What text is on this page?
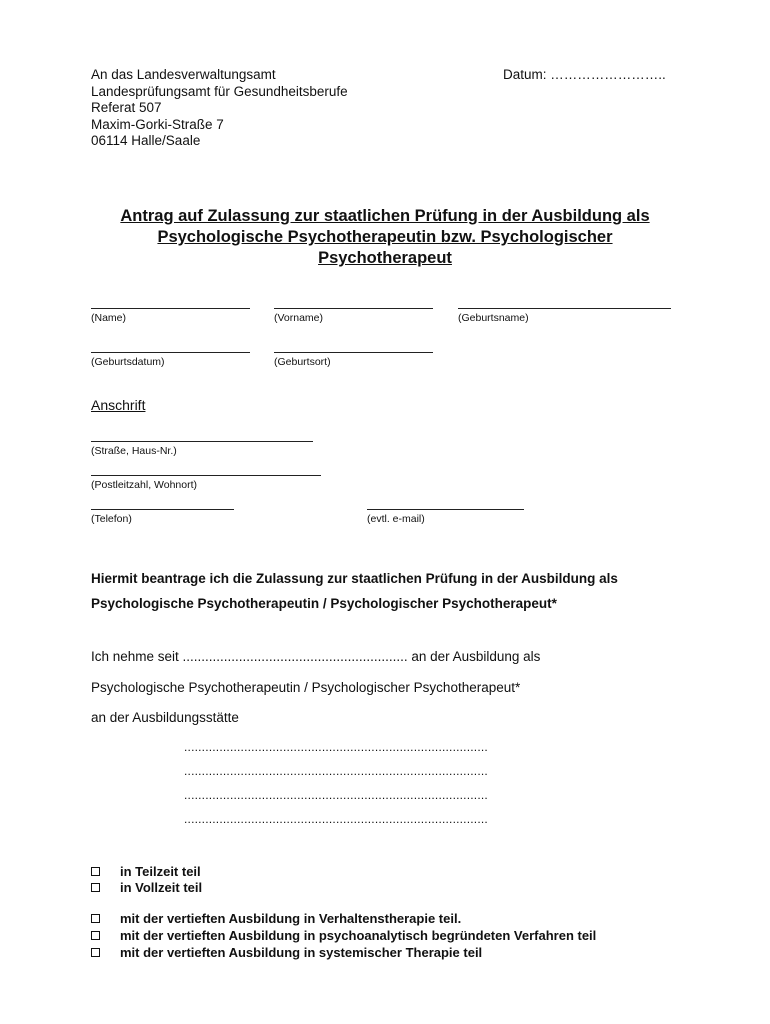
An das Landesverwaltungsamt
Landesprüfungsamt für Gesundheitsberufe
Referat 507
Maxim-Gorki-Straße 7
06114 Halle/Saale
Datum: ……………………..
Antrag auf Zulassung zur staatlichen Prüfung in der Ausbildung als
Psychologische Psychotherapeutin bzw. Psychologischer
Psychotherapeut
(Name)	(Vorname)	(Geburtsname)
(Geburtsdatum)	(Geburtsort)
Anschrift
(Straße, Haus-Nr.)
(Postleitzahl, Wohnort)
(Telefon)	(evtl. e-mail)
Hiermit beantrage ich die Zulassung zur staatlichen Prüfung in der Ausbildung als
Psychologische Psychotherapeutin / Psychologischer Psychotherapeut*
Ich nehme seit ............................................................ an der Ausbildung als
Psychologische Psychotherapeutin / Psychologischer Psychotherapeut*
an der Ausbildungsstätte
......................................................................................
......................................................................................
......................................................................................
......................................................................................
in Teilzeit teil
in Vollzeit teil
mit der vertieften Ausbildung in Verhaltenstherapie teil.
mit der vertieften Ausbildung in psychoanalytisch begründeten Verfahren teil
mit der vertieften Ausbildung in systemischer Therapie teil
